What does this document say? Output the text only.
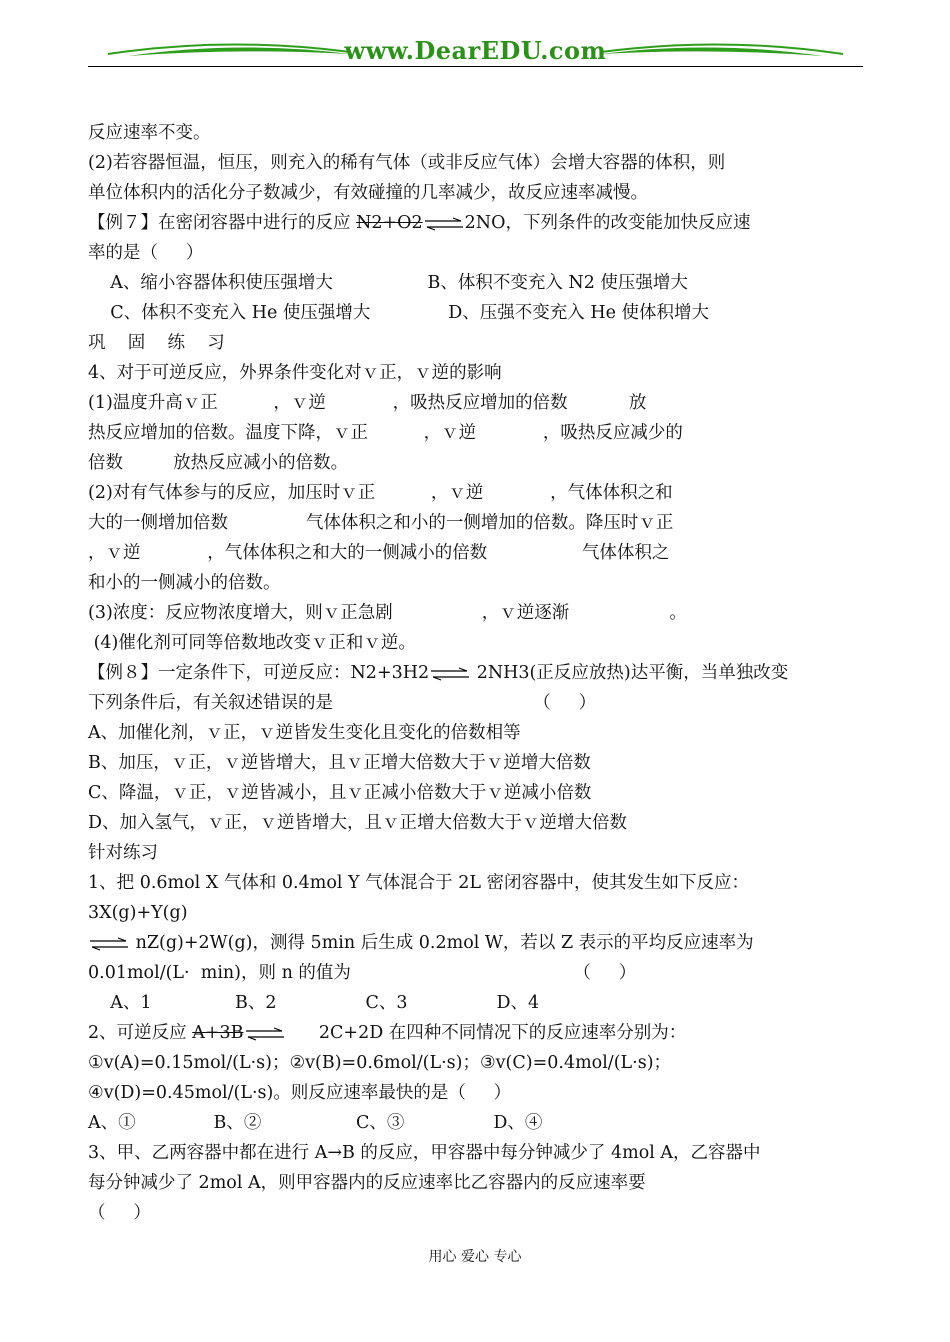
www.DearEDU.com
反应速率不变。
(2)若容器恒温，恒压，则充入的稀有气体（或非反应气体）会增大容器的体积，则
单位体积内的活化分子数减少，有效碰撞的几率减少，故反应速率减慢。
【例７】在密闭容器中进行的反应 N2+O2⇌2NO，下列条件的改变能加快反应速
率的是（     ）
A、缩小容器体积使压强增大                 B、体积不变充入 N2 使压强增大
C、体积不变充入 He 使压强增大              D、压强不变充入 He 使体积增大
巩    固    练    习
4、对于可逆反应，外界条件变化对ｖ正，ｖ逆的影响
(1)温度升高ｖ正          ，ｖ逆            ，吸热反应增加的倍数           放
热反应增加的倍数。温度下降，ｖ正          ，ｖ逆            ，吸热反应减少的
倍数         放热反应减小的倍数。
(2)对有气体参与的反应，加压时ｖ正          ，ｖ逆            ，气体体积之和
大的一侧增加倍数              气体体积之和小的一侧增加的倍数。降压时ｖ正
，ｖ逆            ，气体体积之和大的一侧减小的倍数                 气体体积之
和小的一侧减小的倍数。
(3)浓度：反应物浓度增大，则ｖ正急剧                ，ｖ逆逐渐                  。
(4)催化剂可同等倍数地改变ｖ正和ｖ逆。
【例８】一定条件下，可逆反应：N2+3H2⇌ 2NH3(正反应放热)达平衡，当单独改变
下列条件后，有关叙述错误的是                                    （     ）
A、加催化剂，ｖ正，ｖ逆皆发生变化且变化的倍数相等
B、加压，ｖ正，ｖ逆皆增大，且ｖ正增大倍数大于ｖ逆增大倍数
C、降温，ｖ正，ｖ逆皆减小，且ｖ正减小倍数大于ｖ逆减小倍数
D、加入氢气，ｖ正，ｖ逆皆增大，且ｖ正增大倍数大于ｖ逆增大倍数
针对练习
1、把 0.6mol X 气体和 0.4mol Y 气体混合于 2L 密闭容器中，使其发生如下反应：
3X(g)+Y(g)
⇌ nZ(g)+2W(g)，测得 5min 后生成 0.2mol W，若以 Z 表示的平均反应速率为
0.01mol/(L·  min)，则 n 的值为                                        （     ）
A、1               B、2                C、3                D、4
2、可逆反应 A+3B⇌ 2C+2D 在四种不同情况下的反应速率分别为：
①v(A)=0.15mol/(L·s)；②v(B)=0.6mol/(L·s)；③v(C)=0.4mol/(L·s)；
④v(D)=0.45mol/(L·s)。则反应速率最快的是（     ）
A、①              B、②                 C、③                D、④
3、甲、乙两容器中都在进行 A→B 的反应，甲容器中每分钟减少了 4mol A，乙容器中
每分钟减少了 2mol A，则甲容器内的反应速率比乙容器内的反应速率要
（     ）
用心 爱心 专心
